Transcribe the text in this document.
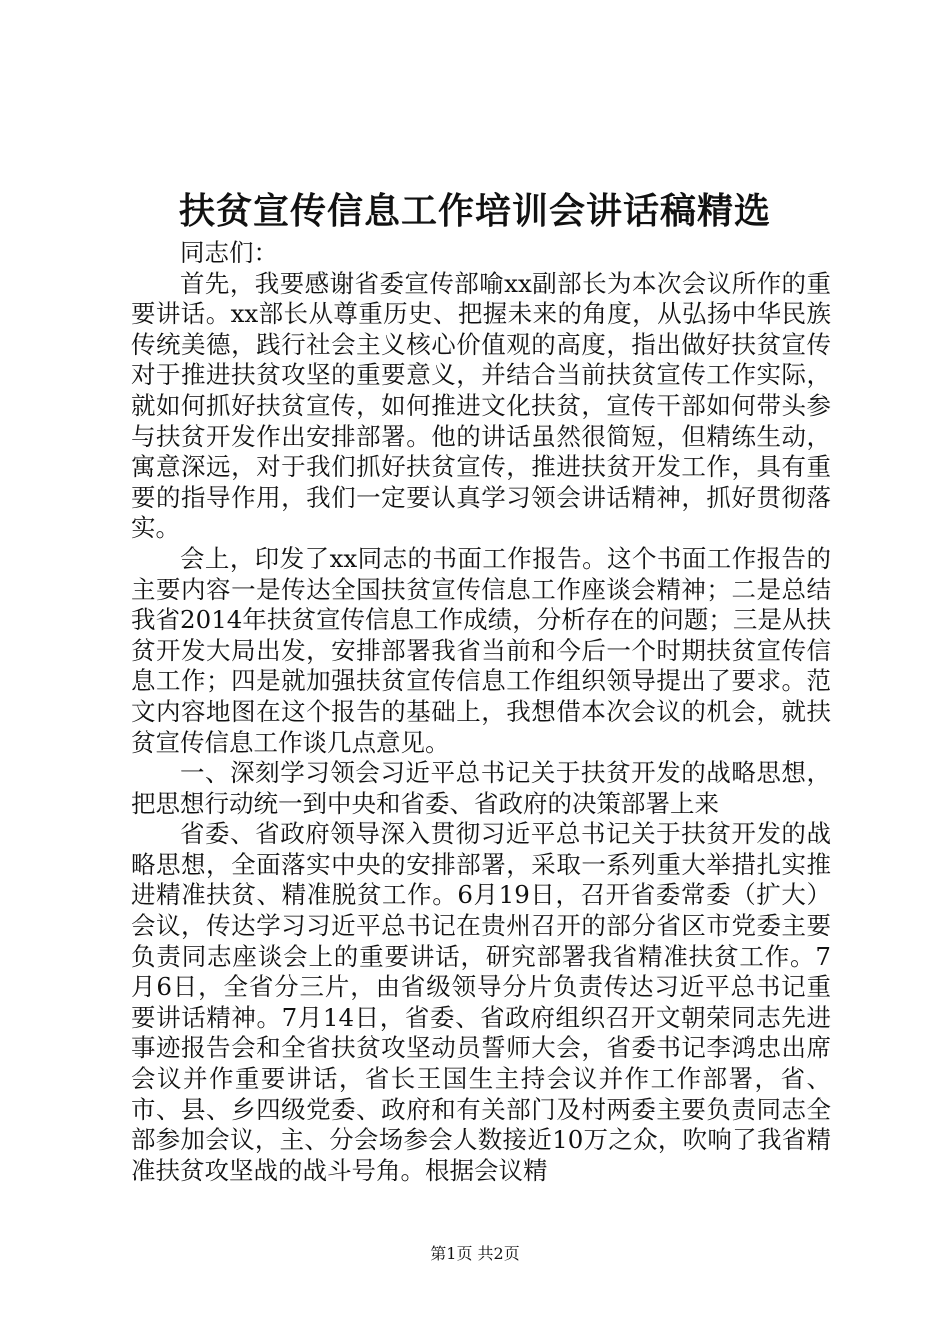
扶贫宣传信息工作培训会讲话稿精选

同志们：

首先，我要感谢省委宣传部喻xx副部长为本次会议所作的重要讲话。xx部长从尊重历史、把握未来的角度，从弘扬中华民族传统美德，践行社会主义核心价值观的高度，指出做好扶贫宣传对于推进扶贫攻坚的重要意义，并结合当前扶贫宣传工作实际，就如何抓好扶贫宣传，如何推进文化扶贫，宣传干部如何带头参与扶贫开发作出安排部署。他的讲话虽然很简短，但精练生动，寓意深远，对于我们抓好扶贫宣传，推进扶贫开发工作，具有重要的指导作用，我们一定要认真学习领会讲话精神，抓好贯彻落实。

会上，印发了xx同志的书面工作报告。这个书面工作报告的主要内容一是传达全国扶贫宣传信息工作座谈会精神；二是总结我省2014年扶贫宣传信息工作成绩，分析存在的问题；三是从扶贫开发大局出发，安排部署我省当前和今后一个时期扶贫宣传信息工作；四是就加强扶贫宣传信息工作组织领导提出了要求。范文内容地图在这个报告的基础上，我想借本次会议的机会，就扶贫宣传信息工作谈几点意见。

一、深刻学习领会习近平总书记关于扶贫开发的战略思想，把思想行动统一到中央和省委、省政府的决策部署上来

省委、省政府领导深入贯彻习近平总书记关于扶贫开发的战略思想，全面落实中央的安排部署，采取一系列重大举措扎实推进精准扶贫、精准脱贫工作。6月19日，召开省委常委（扩大）会议，传达学习习近平总书记在贵州召开的部分省区市党委主要负责同志座谈会上的重要讲话，研究部署我省精准扶贫工作。7月6日，全省分三片，由省级领导分片负责传达习近平总书记重要讲话精神。7月14日，省委、省政府组织召开文朝荣同志先进事迹报告会和全省扶贫攻坚动员誓师大会，省委书记李鸿忠出席会议并作重要讲话，省长王国生主持会议并作工作部署，省、市、县、乡四级党委、政府和有关部门及村两委主要负责同志全部参加会议，主、分会场参会人数接近10万之众，吹响了我省精准扶贫攻坚战的战斗号角。根据会议精

第1页 共2页
